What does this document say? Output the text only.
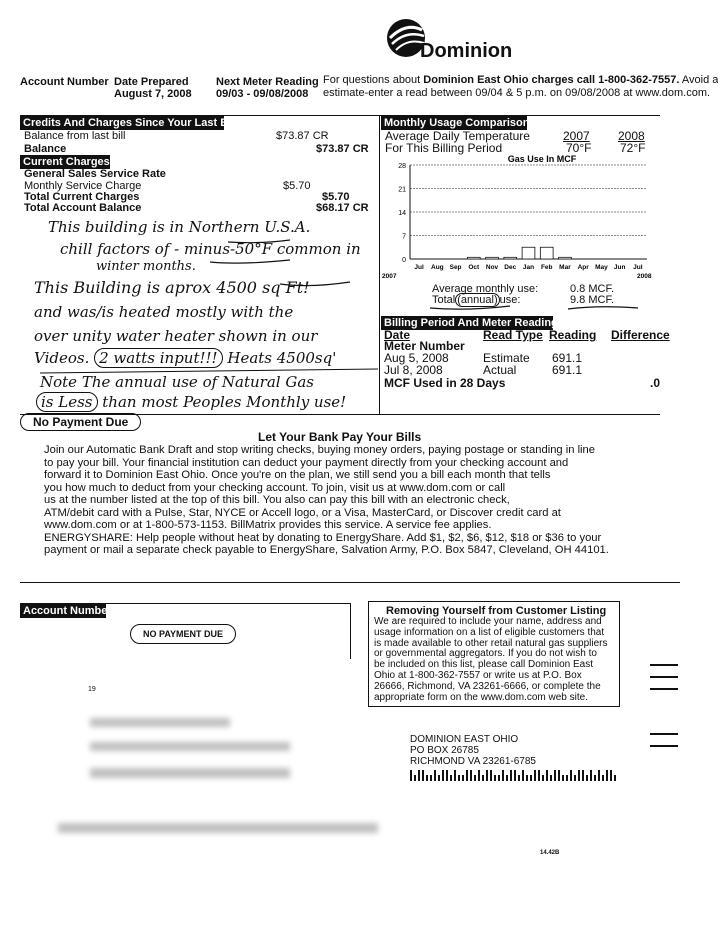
Dominion
Account Number Date Prepared
August 7, 2008
Next Meter Reading
09/03 - 09/08/2008
For questions about Dominion East Ohio charges call 1-800-362-7557. Avoid a
estimate-enter a read between 09/04 & 5 p.m. on 09/08/2008 at www.dom.com.
Credits And Charges Since Your Last Bill
Balance from last bill	$73.87 CR
Balance	$73.87 CR
Current Charges
General Sales Service Rate
Monthly Service Charge	$5.70
Total Current Charges	$5.70
Total Account Balance	$68.17 CR
Monthly Usage Comparison
Average Daily Temperature	2007 2008
For This Billing Period	70°F 72°F
Gas Use In MCF
0
7
14
21
28
Jul Aug Sep Oct Nov Dec Jan Feb Mar Apr May Jun Jul
2007	2008
Average monthly use:	0.8 MCF.
Total (annual) use:	9.8 MCF.
Billing Period And Meter Readings
Date	Read Type Reading Difference
Meter Number
Aug 5, 2008	Estimate 691.1
Jul 8, 2008	Actual	691.1
MCF Used in 28 Days	.0
This building is in Northern U.S.A.
chill factors of - minus-50°F common in
winter months.
This Building is aprox 4500 sq Ft!
and was/is heated mostly with the
over unity water heater shown in our
Videos. 2 watts input!!! Heats 4500sq'
Note The annual use of Natural Gas
is Less than most Peoples Monthly use!
No Payment Due
Let Your Bank Pay Your Bills
Join our Automatic Bank Draft and stop writing checks, buying money orders, paying postage or standing in line
to pay your bill. Your financial institution can deduct your payment directly from your checking account and
forward it to Dominion East Ohio. Once you're on the plan, we still send you a bill each month that tells
you how much to deduct from your checking account. To join, visit us at www.dom.com or call
us at the number listed at the top of this bill. You also can pay this bill with an electronic check,
ATM/debit card with a Pulse, Star, NYCE or Accell logo, or a Visa, MasterCard, or Discover credit card at
www.dom.com or at 1-800-573-1153. BillMatrix provides this service. A service fee applies.
ENERGYSHARE: Help people without heat by donating to EnergyShare. Add $1, $2, $6, $12, $18 or $36 to your
payment or mail a separate check payable to EnergyShare, Salvation Army, P.O. Box 5847, Cleveland, OH 44101.
Account Number
NO PAYMENT DUE
19
Removing Yourself from Customer Listing
We are required to include your name, address and
usage information on a list of eligible customers that
is made available to other retail natural gas suppliers
or governmental aggregators. If you do not wish to
be included on this list, please call Dominion East
Ohio at 1-800-362-7557 or write us at P.O. Box
26666, Richmond, VA 23261-6666, or complete the
appropriate form on the www.dom.com web site.
DOMINION EAST OHIO
PO BOX 26785
RICHMOND VA 23261-6785
14.42B
